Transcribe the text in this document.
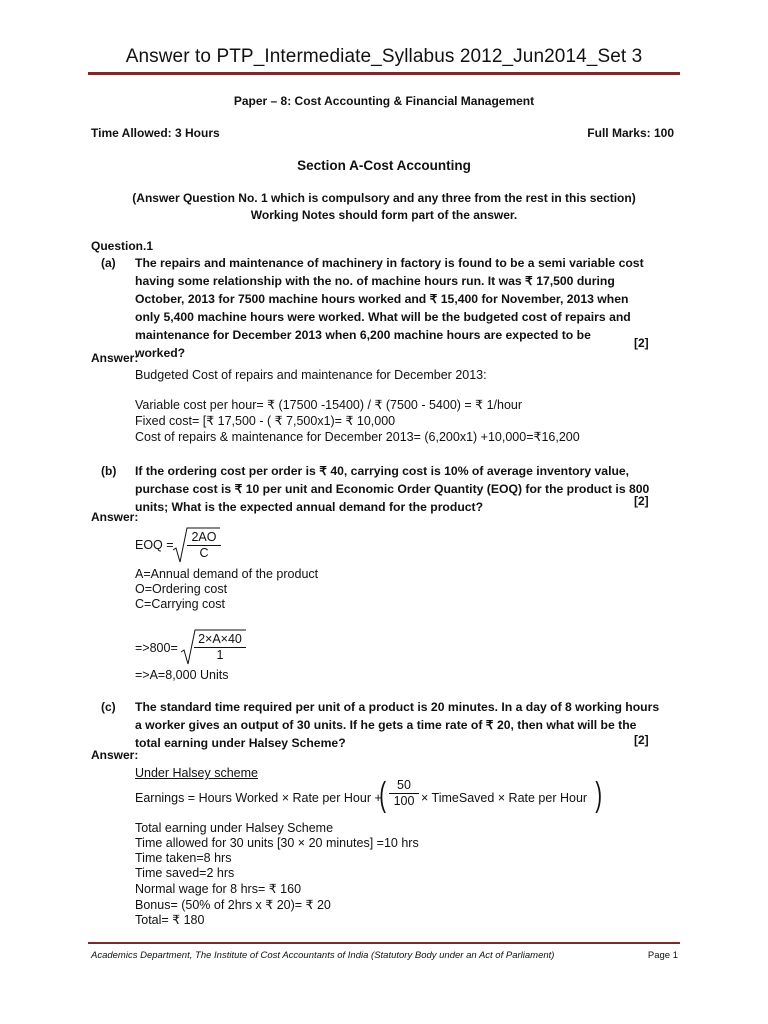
Answer to PTP_Intermediate_Syllabus 2012_Jun2014_Set 3
Paper – 8: Cost Accounting & Financial Management
Time Allowed: 3 Hours	Full Marks: 100
Section A-Cost Accounting
(Answer Question No. 1 which is compulsory and any three from the rest in this section)
Working Notes should form part of the answer.
Question.1
(a) The repairs and maintenance of machinery in factory is found to be a semi variable cost
having some relationship with the no. of machine hours run. It was ₹ 17,500 during
October, 2013 for 7500 machine hours worked and ₹ 15,400 for November, 2013 when
only 5,400 machine hours were worked. What will be the budgeted cost of repairs and
maintenance for December 2013 when 6,200 machine hours are expected to be
worked?
[2]
Answer:
Budgeted Cost of repairs and maintenance for December 2013:
Variable cost per hour= ₹ (17500 -15400) / ₹ (7500 - 5400) = ₹ 1/hour
Fixed cost= [₹ 17,500 - ( ₹ 7,500x1)= ₹ 10,000
Cost of repairs & maintenance for December 2013= (6,200x1) +10,000=₹16,200
(b) If the ordering cost per order is ₹ 40, carrying cost is 10% of average inventory value,
purchase cost is ₹ 10 per unit and Economic Order Quantity (EOQ) for the product is 800
units; What is the expected annual demand for the product?	[2]
Answer:
EOQ = $\frac{2AO}{C}$
A=Annual demand of the product
O=Ordering cost
C=Carrying cost
$=>800= \frac{2\times A\times 40}{1}$
=>A=8,000 Units
(c) The standard time required per unit of a product is 20 minutes. In a day of 8 working hours
a worker gives an output of 30 units. If he gets a time rate of ₹ 20, then what will be the
total earning under Halsey Scheme?	[2]
Answer:
Under Halsey scheme
Earnings = Hours Worked × Rate per Hour +
( $\frac{50}{100}$ × TimeSaved × Rate per Hour )
Total earning under Halsey Scheme
Time allowed for 30 units [30 × 20 minutes] =10 hrs
Time taken=8 hrs
Time saved=2 hrs
Normal wage for 8 hrs= ₹ 160
Bonus= (50% of 2hrs x ₹ 20)= ₹ 20
Total= ₹ 180
Academics Department, The Institute of Cost Accountants of India (Statutory Body under an Act of Parliament)	Page 1
